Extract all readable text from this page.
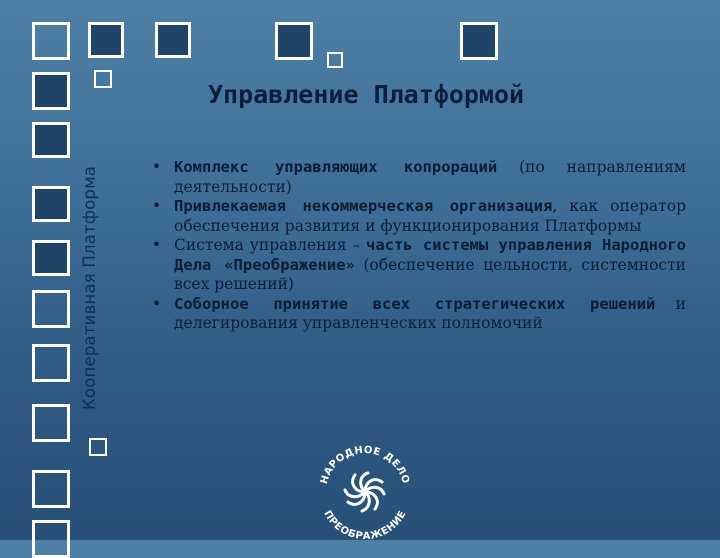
Кооперативная Платформа
Управление Платформой
• Комплекс управляющих копроpаций (по направлениям деятельности)
• Привлекаемая некоммерческая организация, как оператор обеспечения развития и функционирования Платформы
• Система управления – часть системы управления Народного Дела «Преображение» (обеспечение цельности, системности всех решений)
• Соборное принятие всех стратегических решений и делегирования управленческих полномочий
НАРОДНОЕ ДЕЛО
ПРЕОБРАЖЕНИЕ
